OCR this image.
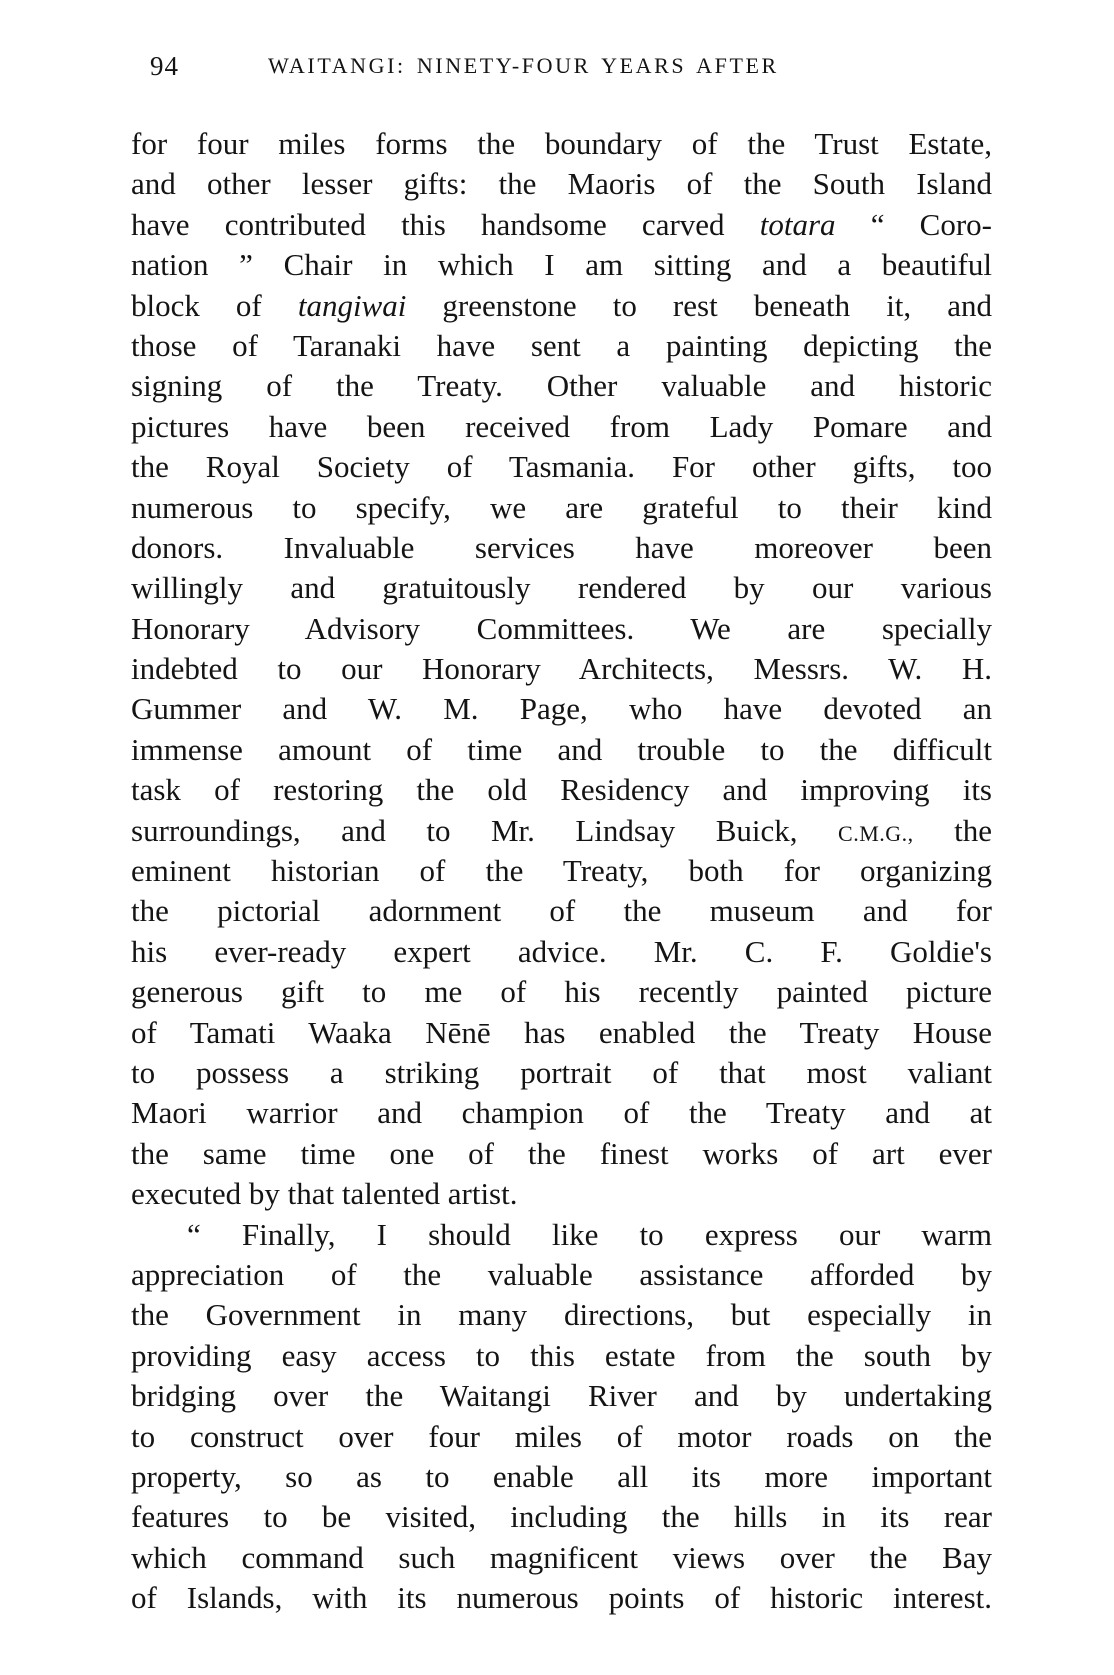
94	WAITANGI: NINETY-FOUR YEARS AFTER
for four miles forms the boundary of the Trust Estate,
and other lesser gifts: the Maoris of the South Island
have contributed this handsome carved totara “ Coro-
nation ” Chair in which I am sitting and a beautiful
block of tangiwai greenstone to rest beneath it, and
those of Taranaki have sent a painting depicting the
signing of the Treaty. Other valuable and historic
pictures have been received from Lady Pomare and
the Royal Society of Tasmania. For other gifts, too
numerous to specify, we are grateful to their kind
donors. Invaluable services have moreover been
willingly and gratuitously rendered by our various
Honorary Advisory Committees. We are specially
indebted to our Honorary Architects, Messrs. W. H.
Gummer and W. M. Page, who have devoted an
immense amount of time and trouble to the difficult
task of restoring the old Residency and improving its
surroundings, and to Mr. Lindsay Buick, C.M.G., the
eminent historian of the Treaty, both for organizing
the pictorial adornment of the museum and for
his ever-ready expert advice. Mr. C. F. Goldie's
generous gift to me of his recently painted picture
of Tamati Waaka Nēnē has enabled the Treaty House
to possess a striking portrait of that most valiant
Maori warrior and champion of the Treaty and at
the same time one of the finest works of art ever
executed by that talented artist.
“ Finally, I should like to express our warm
appreciation of the valuable assistance afforded by
the Government in many directions, but especially in
providing easy access to this estate from the south by
bridging over the Waitangi River and by undertaking
to construct over four miles of motor roads on the
property, so as to enable all its more important
features to be visited, including the hills in its rear
which command such magnificent views over the Bay
of Islands, with its numerous points of historic interest.
